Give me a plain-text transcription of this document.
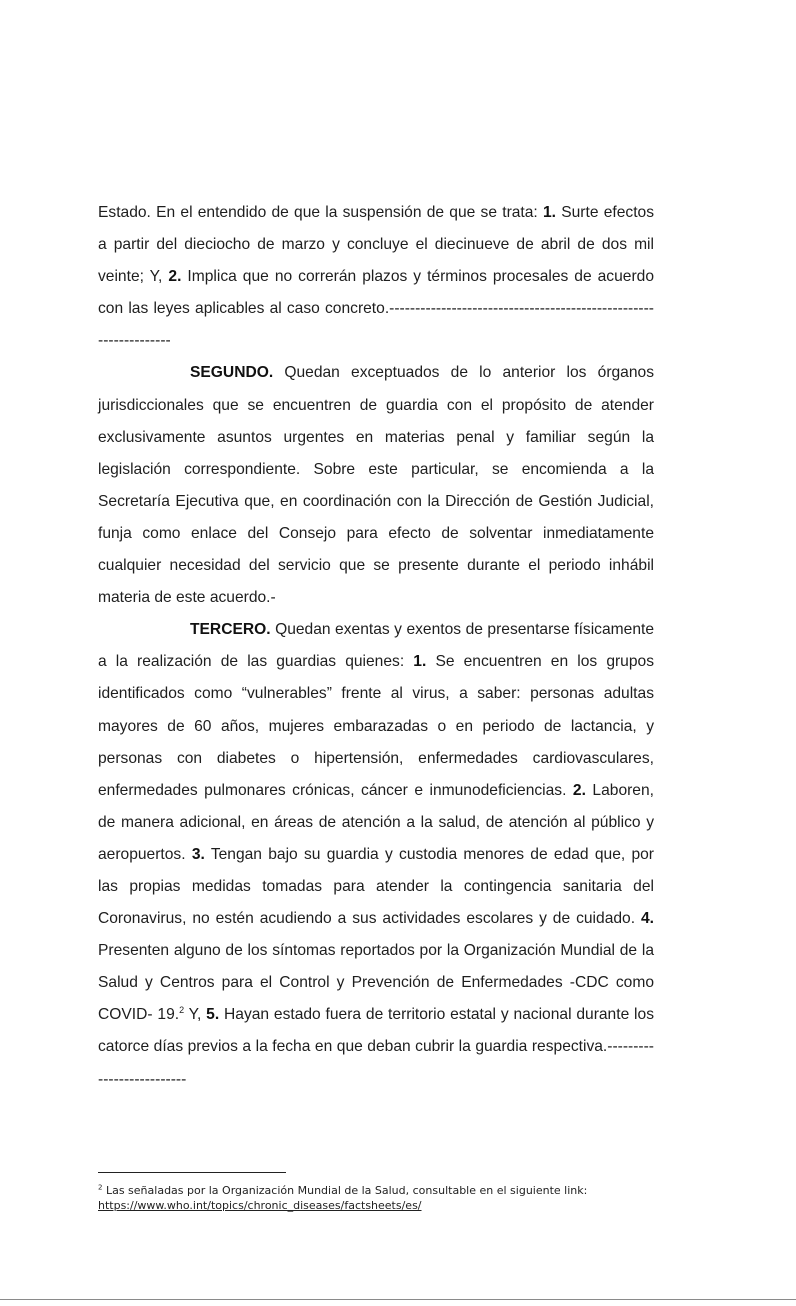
Estado. En el entendido de que la suspensión de que se trata: 1. Surte efectos a partir del dieciocho de marzo y concluye el diecinueve de abril de dos mil veinte; Y, 2. Implica que no correrán plazos y términos procesales de acuerdo con las leyes aplicables al caso concreto.-----------------------------------------------------------------

SEGUNDO. Quedan exceptuados de lo anterior los órganos jurisdiccionales que se encuentren de guardia con el propósito de atender exclusivamente asuntos urgentes en materias penal y familiar según la legislación correspondiente. Sobre este particular, se encomienda a la Secretaría Ejecutiva que, en coordinación con la Dirección de Gestión Judicial, funja como enlace del Consejo para efecto de solventar inmediatamente cualquier necesidad del servicio que se presente durante el periodo inhábil materia de este acuerdo.-

TERCERO. Quedan exentas y exentos de presentarse físicamente a la realización de las guardias quienes: 1. Se encuentren en los grupos identificados como “vulnerables” frente al virus, a saber: personas adultas mayores de 60 años, mujeres embarazadas o en periodo de lactancia, y personas con diabetes o hipertensión, enfermedades cardiovasculares, enfermedades pulmonares crónicas, cáncer e inmunodeficiencias. 2. Laboren, de manera adicional, en áreas de atención a la salud, de atención al público y aeropuertos. 3. Tengan bajo su guardia y custodia menores de edad que, por las propias medidas tomadas para atender la contingencia sanitaria del Coronavirus, no estén acudiendo a sus actividades escolares y de cuidado. 4. Presenten alguno de los síntomas reportados por la Organización Mundial de la Salud y Centros para el Control y Prevención de Enfermedades -CDC como COVID- 19.$^2$ Y, 5. Hayan estado fuera de territorio estatal y nacional durante los catorce días previos a la fecha en que deban cubrir la guardia respectiva.--------------------------

$^2$ Las señaladas por la Organización Mundial de la Salud, consultable en el siguiente link:
https://www.who.int/topics/chronic_diseases/factsheets/es/
